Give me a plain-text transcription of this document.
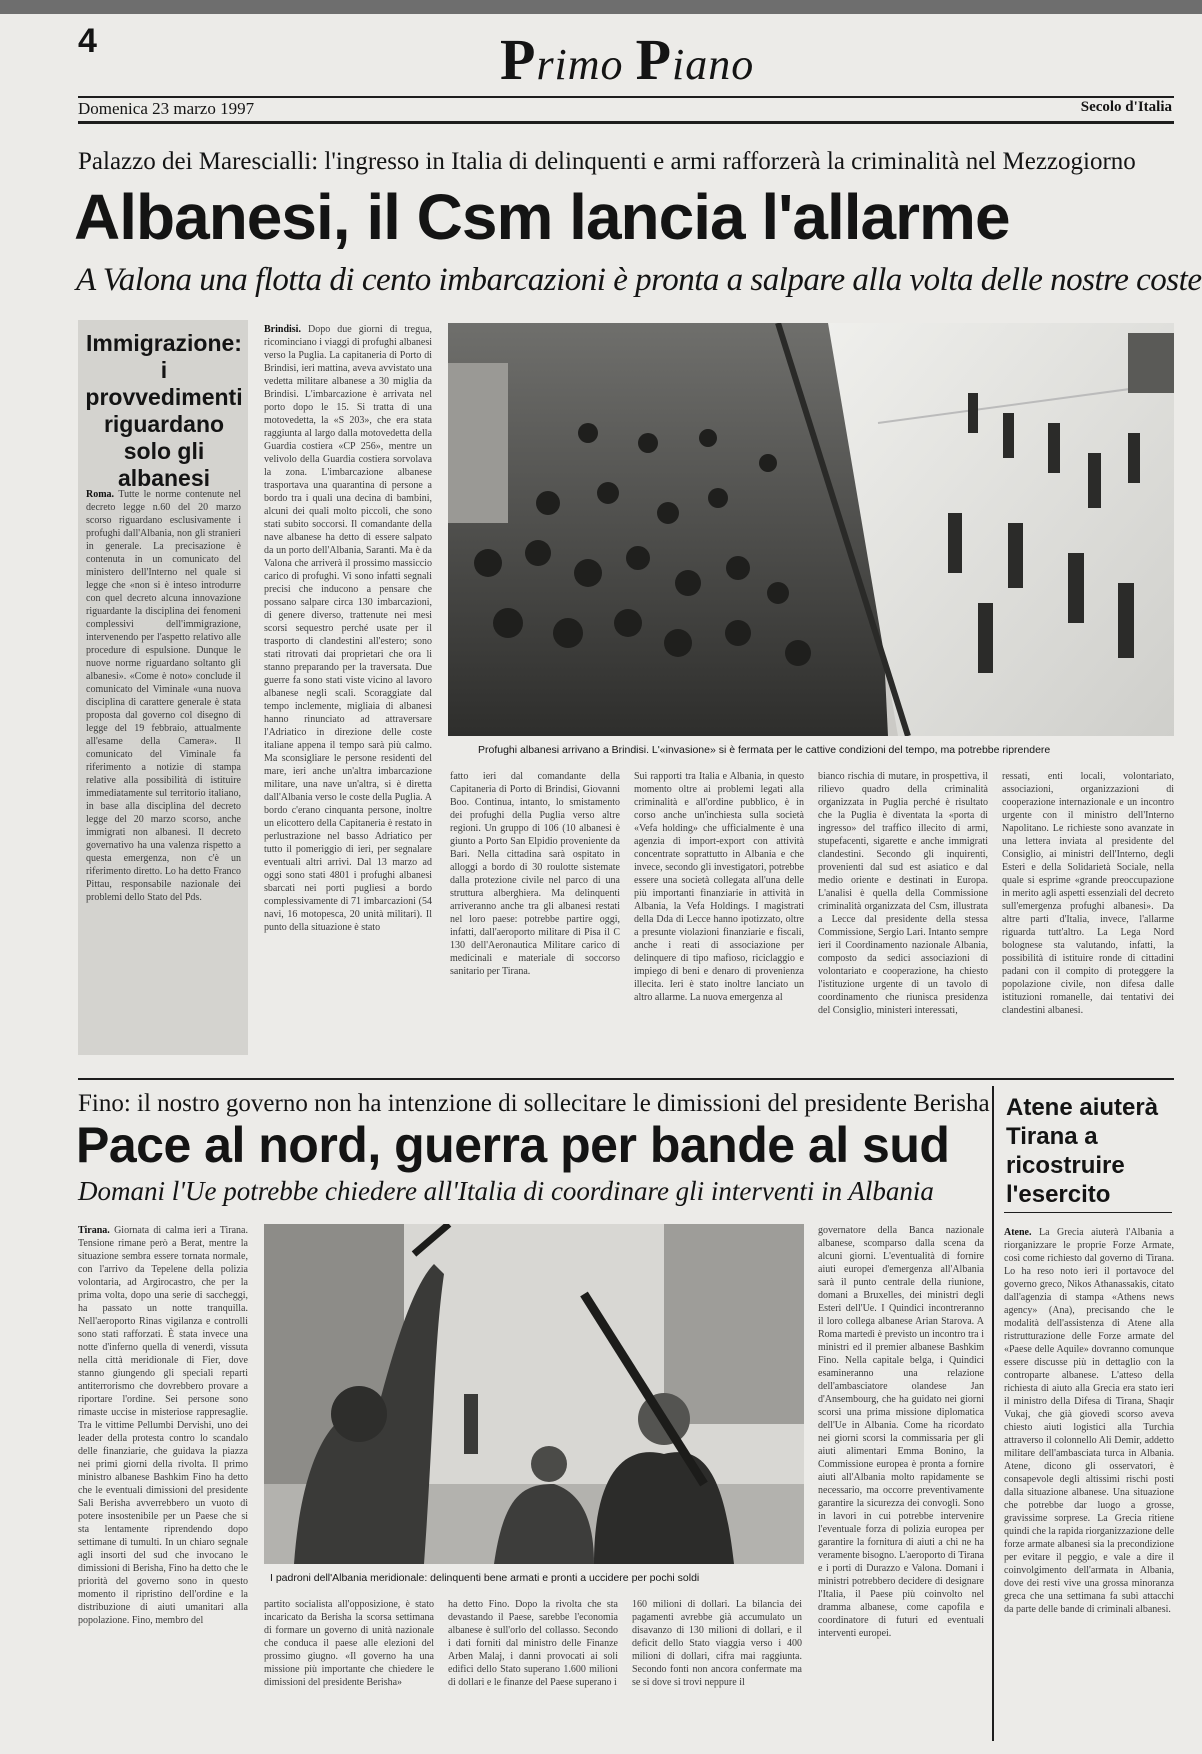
4	Primo Piano
Domenica 23 marzo 1997	Secolo d'Italia
Palazzo dei Marescialli: l'ingresso in Italia di delinquenti e armi rafforzerà la criminalità nel Mezzogiorno
Albanesi, il Csm lancia l'allarme
A Valona una flotta di cento imbarcazioni è pronta a salpare alla volta delle nostre coste
Immigrazione: i provvedimenti riguardano solo gli albanesi
Roma. Tutte le norme contenute nel decreto legge n.60 del 20 marzo scorso riguardano esclusivamente i profughi dall'Albania, non gli stranieri in generale. La precisazione è contenuta in un comunicato del ministero dell'Interno nel quale si legge che «non si è inteso introdurre con quel decreto alcuna innovazione riguardante la disciplina dei fenomeni complessivi dell'immigrazione, intervenendo per l'aspetto relativo alle procedure di espulsione. Dunque le nuove norme riguardano soltanto gli albanesi». «Come è noto» conclude il comunicato del Viminale «una nuova disciplina di carattere generale è stata proposta dal governo col disegno di legge del 19 febbraio, attualmente all'esame della Camera». Il comunicato del Viminale fa riferimento a notizie di stampa relative alla possibilità di istituire immediatamente sul territorio italiano, in base alla disciplina del decreto legge del 20 marzo scorso, anche immigrati non albanesi. Il decreto governativo ha una valenza rispetto a questa emergenza, non c'è un riferimento diretto. Lo ha detto Franco Pittau, responsabile nazionale dei problemi dello Stato del Pds.
Brindisi. Dopo due giorni di tregua, ricominciano i viaggi di profughi albanesi verso la Puglia. La capitaneria di Porto di Brindisi, ieri mattina, aveva avvistato una vedetta militare albanese a 30 miglia da Brindisi. L'imbarcazione è arrivata nel porto dopo le 15. Si tratta di una motovedetta, la «S 203», che era stata raggiunta al largo dalla motovedetta della Guardia costiera «CP 256», mentre un velivolo della Guardia costiera sorvolava la zona. L'imbarcazione albanese trasportava una quarantina di persone a bordo tra i quali una decina di bambini, alcuni dei quali molto piccoli, che sono stati subito soccorsi. Il comandante della nave albanese ha detto di essere salpato da un porto dell'Albania, Saranti. Ma è da Valona che arriverà il prossimo massiccio carico di profughi. Vi sono infatti segnali precisi che inducono a pensare che possano salpare circa 130 imbarcazioni, di genere diverso, trattenute nei mesi scorsi sequestro perché usate per il trasporto di clandestini all'estero; sono stati ritrovati dai proprietari che ora li stanno preparando per la traversata. Due guerre fa sono stati viste vicino al lavoro albanese negli scali. Scoraggiate dal tempo inclemente, migliaia di albanesi hanno rinunciato ad attraversare l'Adriatico in direzione delle coste italiane appena il tempo sarà più calmo. Ma sconsigliare le persone residenti del mare, ieri anche un'altra imbarcazione militare, una nave un'altra, si è diretta dall'Albania verso le coste della Puglia. A bordo c'erano cinquanta persone, inoltre un elicottero della Capitaneria è restato in perlustrazione nel basso Adriatico per tutto il pomeriggio di ieri, per segnalare eventuali altri arrivi. Dal 13 marzo ad oggi sono stati 4801 i profughi albanesi sbarcati nei porti pugliesi a bordo complessivamente di 71 imbarcazioni (54 navi, 16 motopesca, 20 unità militari). Il punto della situazione è stato
Profughi albanesi arrivano a Brindisi. L'«invasione» si è fermata per le cattive condizioni del tempo, ma potrebbe riprendere
fatto ieri dal comandante della Capitaneria di Porto di Brindisi, Giovanni Boo. Continua, intanto, lo smistamento dei profughi della Puglia verso altre regioni. Un gruppo di 106 (10 albanesi è giunto a Porto San Elpidio proveniente da Bari. Nella cittadina sarà ospitato in alloggi a bordo di 30 roulotte sistemate dalla protezione civile nel parco di una struttura alberghiera. Ma delinquenti arriveranno anche tra gli albanesi restati nel loro paese: potrebbe partire oggi, infatti, dall'aeroporto militare di Pisa il C 130 dell'Aeronautica Militare carico di medicinali e materiale di soccorso sanitario per Tirana.
Sui rapporti tra Italia e Albania, in questo momento oltre ai problemi legati alla criminalità e all'ordine pubblico, è in corso anche un'inchiesta sulla società «Vefa holding» che ufficialmente è una agenzia di import-export con attività concentrate soprattutto in Albania e che invece, secondo gli investigatori, potrebbe essere una società collegata all'una delle più importanti finanziarie in attività in Albania, la Vefa Holdings. I magistrati della Dda di Lecce hanno ipotizzato, oltre a presunte violazioni finanziarie e fiscali, anche i reati di associazione per delinquere di tipo mafioso, riciclaggio e impiego di beni e denaro di provenienza illecita. Ieri è stato inoltre lanciato un altro allarme. La nuova emergenza al
bianco rischia di mutare, in prospettiva, il rilievo quadro della criminalità organizzata in Puglia perché è risultato che la Puglia è diventata la «porta di ingresso» del traffico illecito di armi, stupefacenti, sigarette e anche immigrati clandestini. Secondo gli inquirenti, provenienti dal sud est asiatico e dal medio oriente e destinati in Europa. L'analisi è quella della Commissione criminalità organizzata del Csm, illustrata a Lecce dal presidente della stessa Commissione, Sergio Lari. Intanto sempre ieri il Coordinamento nazionale Albania, composto da sedici associazioni di volontariato e cooperazione, ha chiesto l'istituzione urgente di un tavolo di coordinamento che riunisca presidenza del Consiglio, ministeri interessati,
ressati, enti locali, volontariato, associazioni, organizzazioni di cooperazione internazionale e un incontro urgente con il ministro dell'Interno Napolitano. Le richieste sono avanzate in una lettera inviata al presidente del Consiglio, ai ministri dell'Interno, degli Esteri e della Solidarietà Sociale, nella quale si esprime «grande preoccupazione in merito agli aspetti essenziali del decreto sull'emergenza profughi albanesi». Da altre parti d'Italia, invece, l'allarme riguarda tutt'altro. La Lega Nord bolognese sta valutando, infatti, la possibilità di istituire ronde di cittadini padani con il compito di proteggere la popolazione civile, non difesa dalle istituzioni romanelle, dai tentativi dei clandestini albanesi.
Fino: il nostro governo non ha intenzione di sollecitare le dimissioni del presidente Berisha
Pace al nord, guerra per bande al sud
Domani l'Ue potrebbe chiedere all'Italia di coordinare gli interventi in Albania
Atene aiuterà Tirana a ricostruire l'esercito
Atene. La Grecia aiuterà l'Albania a riorganizzare le proprie Forze Armate, così come richiesto dal governo di Tirana. Lo ha reso noto ieri il portavoce del governo greco, Nikos Athanassakis, citato dall'agenzia di stampa «Athens news agency» (Ana), precisando che le modalità dell'assistenza di Atene alla ristrutturazione delle Forze armate del «Paese delle Aquile» dovranno comunque essere discusse più in dettaglio con la controparte albanese. L'atteso della richiesta di aiuto alla Grecia era stato ieri il ministro della Difesa di Tirana, Shaqir Vukaj, che già giovedì scorso aveva chiesto aiuti logistici alla Turchia attraverso il colonnello Ali Demir, addetto militare dell'ambasciata turca in Albania. Atene, dicono gli osservatori, è consapevole degli altissimi rischi posti dalla situazione albanese. Una situazione che potrebbe dar luogo a grosse, gravissime sorprese. La Grecia ritiene quindi che la rapida riorganizzazione delle forze armate albanesi sia la precondizione per evitare il peggio, e vale a dire il coinvolgimento dell'armata in Albania, dove dei resti vive una grossa minoranza greca che una settimana fa subì attacchi da parte delle bande di criminali albanesi.
Tirana. Giornata di calma ieri a Tirana. Tensione rimane però a Berat, mentre la situazione sembra essere tornata normale, con l'arrivo da Tepelene della polizia volontaria, ad Argirocastro, che per la prima volta, dopo una serie di saccheggi, ha passato un notte tranquilla. Nell'aeroporto Rinas vigilanza e controlli sono stati rafforzati. È stata invece una notte d'inferno quella di venerdì, vissuta nella città meridionale di Fier, dove stanno giungendo gli speciali reparti antiterrorismo che dovrebbero provare a riportare l'ordine. Sei persone sono rimaste uccise in misteriose rappresaglie. Tra le vittime Pellumbi Dervishi, uno dei leader della protesta contro lo scandalo delle finanziarie, che guidava la piazza nei primi giorni della rivolta. Il primo ministro albanese Bashkim Fino ha detto che le eventuali dimissioni del presidente Sali Berisha avverrebbero un vuoto di potere insostenibile per un Paese che si sta lentamente riprendendo dopo settimane di tumulti. In un chiaro segnale agli insorti del sud che invocano le dimissioni di Berisha, Fino ha detto che le priorità del governo sono in questo momento il ripristino dell'ordine e la distribuzione di aiuti umanitari alla popolazione. Fino, membro del
I padroni dell'Albania meridionale: delinquenti bene armati e pronti a uccidere per pochi soldi
partito socialista all'opposizione, è stato incaricato da Berisha la scorsa settimana di formare un governo di unità nazionale che conduca il paese alle elezioni del prossimo giugno. «Il governo ha una missione più importante che chiedere le dimissioni del presidente Berisha»
ha detto Fino. Dopo la rivolta che sta devastando il Paese, sarebbe l'economia albanese è sull'orlo del collasso. Secondo i dati forniti dal ministro delle Finanze Arben Malaj, i danni provocati ai soli edifici dello Stato superano 1.600 milioni di dollari e le finanze del Paese superano i
160 milioni di dollari. La bilancia dei pagamenti avrebbe già accumulato un disavanzo di 130 milioni di dollari, e il deficit dello Stato viaggia verso i 400 milioni di dollari, cifra mai raggiunta. Secondo fonti non ancora confermate ma se si dove si trovi neppure il
governatore della Banca nazionale albanese, scomparso dalla scena da alcuni giorni. L'eventualità di fornire aiuti europei d'emergenza all'Albania sarà il punto centrale della riunione, domani a Bruxelles, dei ministri degli Esteri dell'Ue. I Quindici incontreranno il loro collega albanese Arian Starova. A Roma martedì è previsto un incontro tra i ministri ed il premier albanese Bashkim Fino. Nella capitale belga, i Quindici esamineranno una relazione dell'ambasciatore olandese Jan d'Ansembourg, che ha guidato nei giorni scorsi una prima missione diplomatica dell'Ue in Albania. Come ha ricordato nei giorni scorsi la commissaria per gli aiuti alimentari Emma Bonino, la Commissione europea è pronta a fornire aiuti all'Albania molto rapidamente se necessario, ma occorre preventivamente garantire la sicurezza dei convogli. Sono in lavori in cui potrebbe intervenire l'eventuale forza di polizia europea per garantire la fornitura di aiuti a chi ne ha veramente bisogno. L'aeroporto di Tirana e i porti di Durazzo e Valona. Domani i ministri potrebbero decidere di designare l'Italia, il Paese più coinvolto nel dramma albanese, come capofila e coordinatore di futuri ed eventuali interventi europei.
